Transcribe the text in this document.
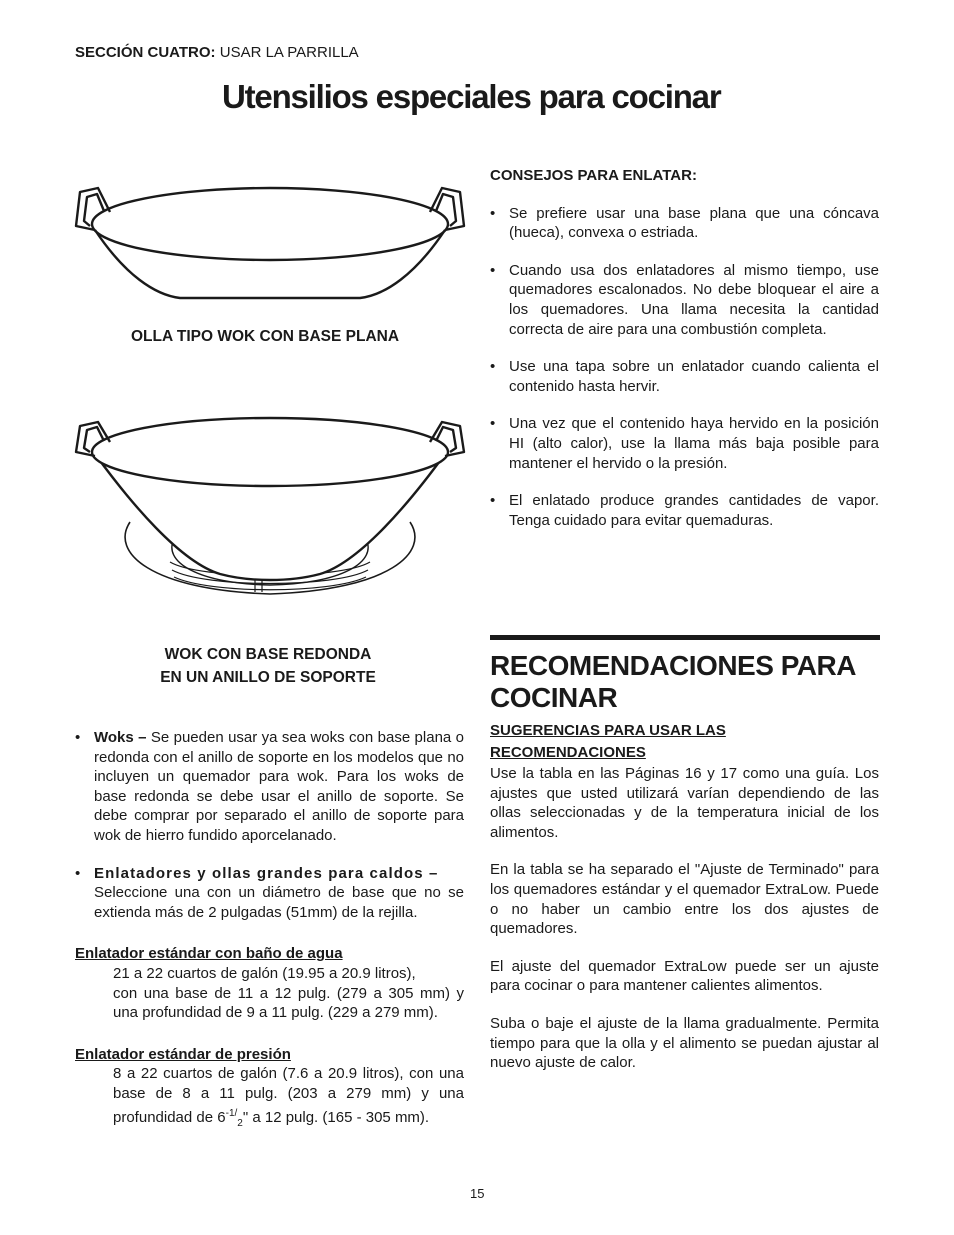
SECCIÓN CUATRO: USAR LA PARRILLA
Utensilios especiales para cocinar
OLLA TIPO WOK CON BASE PLANA
WOK CON BASE REDONDA
EN UN ANILLO DE SOPORTE
• Woks – Se pueden usar ya sea woks con base plana o redonda con el anillo de soporte en los modelos que no incluyen un quemador para wok. Para los woks de base redonda se debe usar el anillo de soporte. Se debe comprar por separado el anillo de soporte para wok de hierro fundido aporcelanado.
• Enlatadores y ollas grandes para caldos –
Seleccione una con un diámetro de base que no se extienda más de 2 pulgadas (51mm) de la rejilla.
Enlatador estándar con baño de agua
21 a 22 cuartos de galón (19.95 a 20.9 litros),
con una base de 11 a 12 pulg. (279 a 305 mm) y una profundidad de 9 a 11 pulg. (229 a 279 mm).
Enlatador estándar de presión
8 a 22 cuartos de galón (7.6 a 20.9 litros), con una base de 8 a 11 pulg. (203 a 279 mm) y una profundidad de $6^{-1/}_2$" a 12 pulg. (165 - 305 mm).
CONSEJOS PARA ENLATAR:
• Se prefiere usar una base plana que una cóncava (hueca), convexa o estriada.
• Cuando usa dos enlatadores al mismo tiempo, use quemadores escalonados. No debe bloquear el aire a los quemadores. Una llama necesita la cantidad correcta de aire para una combustión completa.
• Use una tapa sobre un enlatador cuando calienta el contenido hasta hervir.
• Una vez que el contenido haya hervido en la posición HI (alto calor), use la llama más baja posible para mantener el hervido o la presión.
• El enlatado produce grandes cantidades de vapor. Tenga cuidado para evitar quemaduras.
RECOMENDACIONES PARA
COCINAR
SUGERENCIAS PARA USAR LAS
RECOMENDACIONES
Use la tabla en las Páginas 16 y 17 como una guía. Los ajustes que usted utilizará varían dependiendo de las ollas seleccionadas y de la temperatura inicial de los alimentos.
En la tabla se ha separado el "Ajuste de Terminado" para los quemadores estándar y el quemador ExtraLow. Puede o no haber un cambio entre los dos ajustes de quemadores.
El ajuste del quemador ExtraLow puede ser un ajuste para cocinar o para mantener calientes alimentos.
Suba o baje el ajuste de la llama gradualmente. Permita tiempo para que la olla y el alimento se puedan ajustar al nuevo ajuste de calor.
15
